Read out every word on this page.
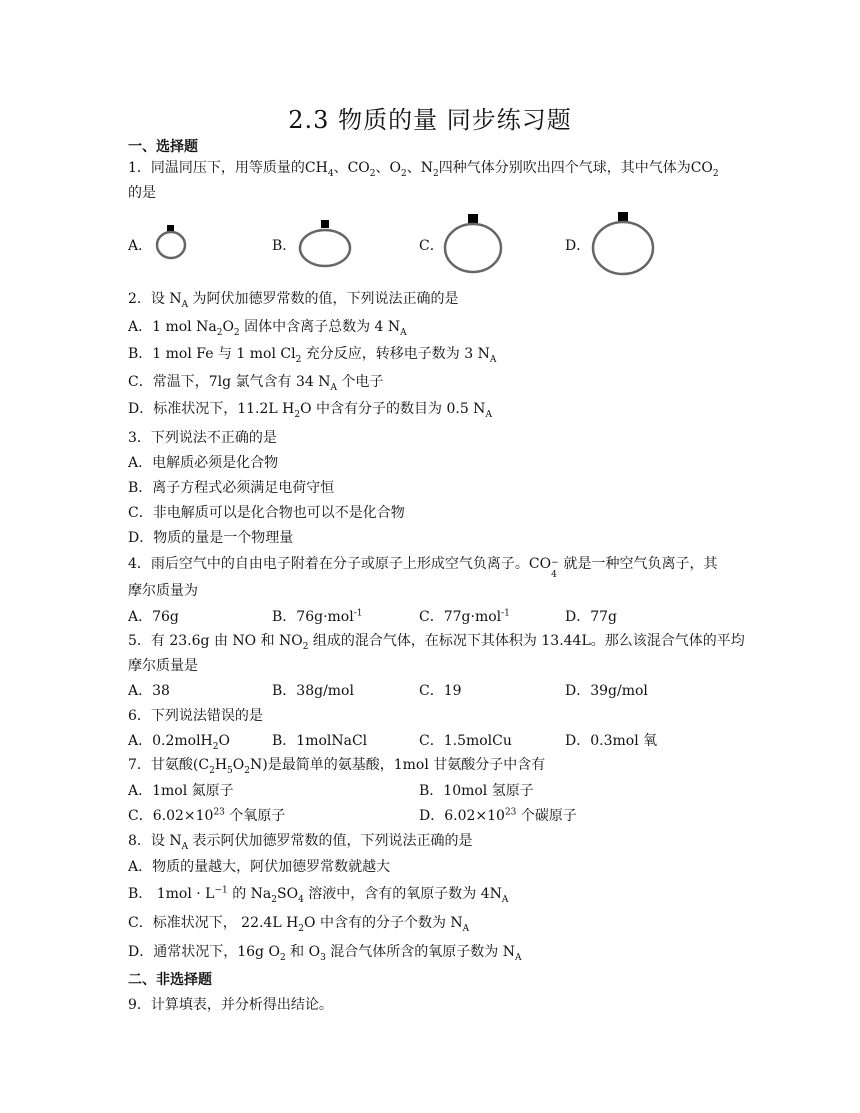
2.3 物质的量 同步练习题
一、选择题
1．同温同压下，用等质量的$CH_4$、$CO_2$、$O_2$、$N_2$四种气体分别吹出四个气球，其中气体为$CO_2$
的是
A．	B．	C．	D．
2．设 $N_A$ 为阿伏加德罗常数的值，下列说法正确的是
A．1 mol $Na_2O_2$ 固体中含离子总数为 4 $N_A$
B．1 mol Fe 与 1 mol $Cl_2$ 充分反应，转移电子数为 3 $N_A$
C．常温下，7lg 氯气含有 34 $N_A$ 个电子
D．标准状况下，11.2L $H_2O$ 中含有分子的数目为 0.5 $N_A$
3．下列说法不正确的是
A．电解质必须是化合物
B．离子方程式必须满足电荷守恒
C．非电解质可以是化合物也可以不是化合物
D．物质的量是一个物理量
4．雨后空气中的自由电子附着在分子或原子上形成空气负离子。CO −
4
就是一种空气负离子，其
摩尔质量为
A．76g	B．76g·mol$^{-1}$	C．77g·mol$^{-1}$	D．77g
5．有 23.6g 由 NO 和 $NO_2$ 组成的混合气体，在标况下其体积为 13.44L。那么该混合气体的平均
摩尔质量是
A．38	B．38g/mol	C．19	D．39g/mol
6．下列说法错误的是
A．0.2molH$_2$O	B．1molNaCl	C．1.5molCu	D．0.3mol 氧
7．甘氨酸$(C_2H_5O_2N)$是最简单的氨基酸，1mol 甘氨酸分子中含有
A．1mol 氮原子	B．10mol 氢原子
C．$6.02\times 10^{23}$ 个氧原子	D．$6.02\times 10^{23}$ 个碳原子
8．设 $N_A$ 表示阿伏加德罗常数的值，下列说法正确的是
A．物质的量越大，阿伏加德罗常数就越大
B． $1mol \cdot L^{-1}$ 的 $Na_2SO_4$ 溶液中，含有的氧原子数为 $4N_A$
C．标准状况下， 22.4L $H_2O$ 中含有的分子个数为 $N_A$
D．通常状况下，16g $O_2$ 和 $O_3$ 混合气体所含的氧原子数为 $N_A$
二、非选择题
9．计算填表，并分析得出结论。
